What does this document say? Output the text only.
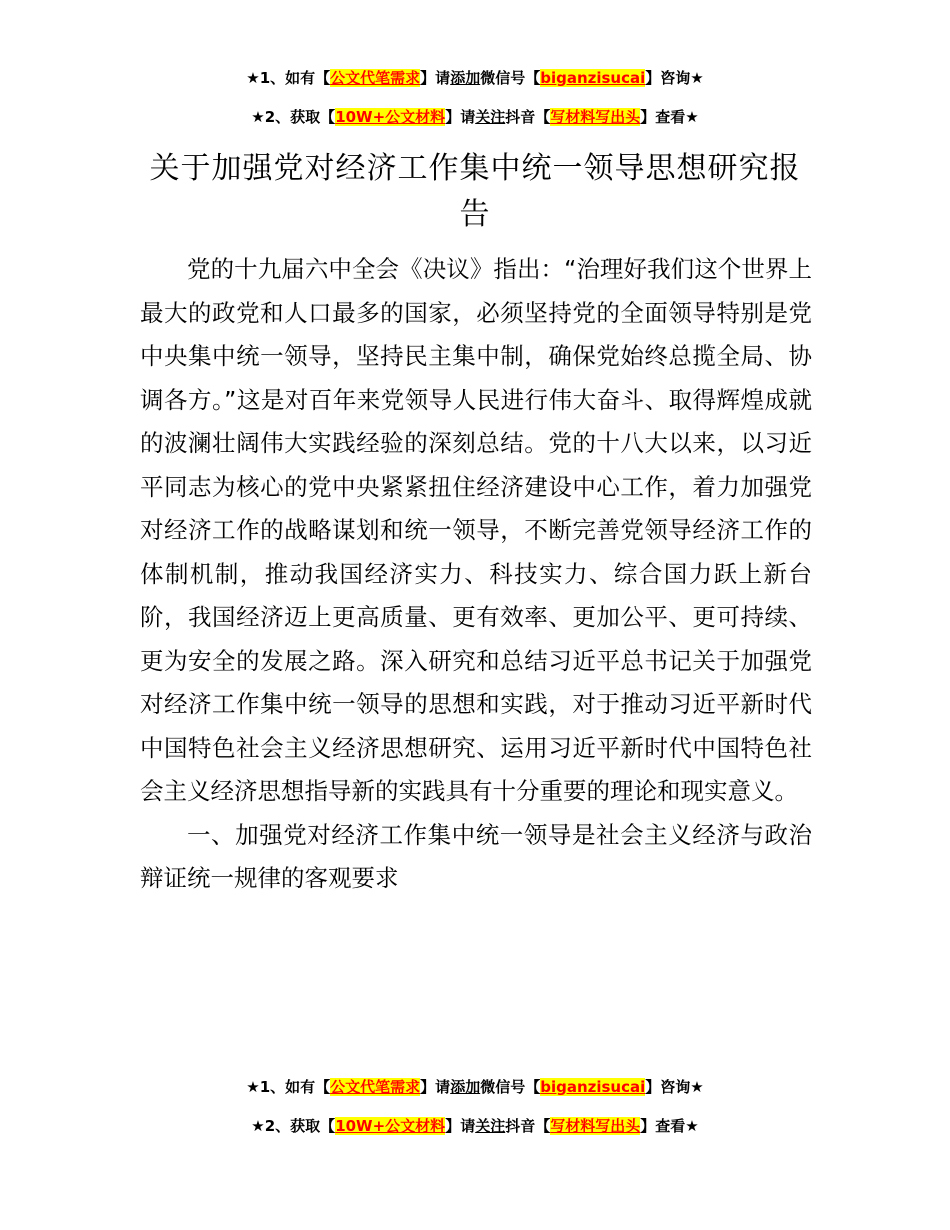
★1、如有【公文代笔需求】请添加微信号【biganzisucai】咨询★
★2、获取【10W+公文材料】请关注抖音【写材料写出头】查看★
关于加强党对经济工作集中统一领导思想研究报告

党的十九届六中全会《决议》指出：“治理好我们这个世界上最大的政党和人口最多的国家，必须坚持党的全面领导特别是党中央集中统一领导，坚持民主集中制，确保党始终总揽全局、协调各方。”这是对百年来党领导人民进行伟大奋斗、取得辉煌成就的波澜壮阔伟大实践经验的深刻总结。党的十八大以来，以习近平同志为核心的党中央紧紧扭住经济建设中心工作，着力加强党对经济工作的战略谋划和统一领导，不断完善党领导经济工作的体制机制，推动我国经济实力、科技实力、综合国力跃上新台阶，我国经济迈上更高质量、更有效率、更加公平、更可持续、更为安全的发展之路。深入研究和总结习近平总书记关于加强党对经济工作集中统一领导的思想和实践，对于推动习近平新时代中国特色社会主义经济思想研究、运用习近平新时代中国特色社会主义经济思想指导新的实践具有十分重要的理论和现实意义。

一、加强党对经济工作集中统一领导是社会主义经济与政治辩证统一规律的客观要求

★1、如有【公文代笔需求】请添加微信号【biganzisucai】咨询★
★2、获取【10W+公文材料】请关注抖音【写材料写出头】查看★
